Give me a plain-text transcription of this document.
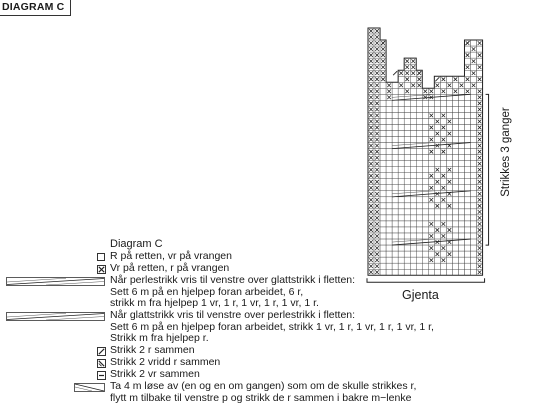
DIAGRAM C
Strikkes 3 ganger
Gjenta
Diagram C
R på retten, vr på vrangen
Vr på retten, r på vrangen
Når perlestrikk vris til venstre over glattstrikk i fletten:
Sett 6 m på en hjelpep foran arbeidet, 6 r,
strikk m fra hjelpep 1 vr, 1 r, 1 vr, 1 r, 1 vr, 1 r.
Når glattstrikk vris til venstre over perlestrikk i fletten:
Sett 6 m på en hjelpep foran arbeidet, strikk 1 vr, 1 r, 1 vr, 1 r, 1 vr, 1 r,
Strikk m fra hjelpep r.
Strikk 2 r sammen
Strikk 2 vridd r sammen
Strikk 2 vr sammen
Ta 4 m løse av (en og en om gangen) som om de skulle strikkes r,
flytt m tilbake til venstre p og strikk de r sammen i bakre m−lenke
